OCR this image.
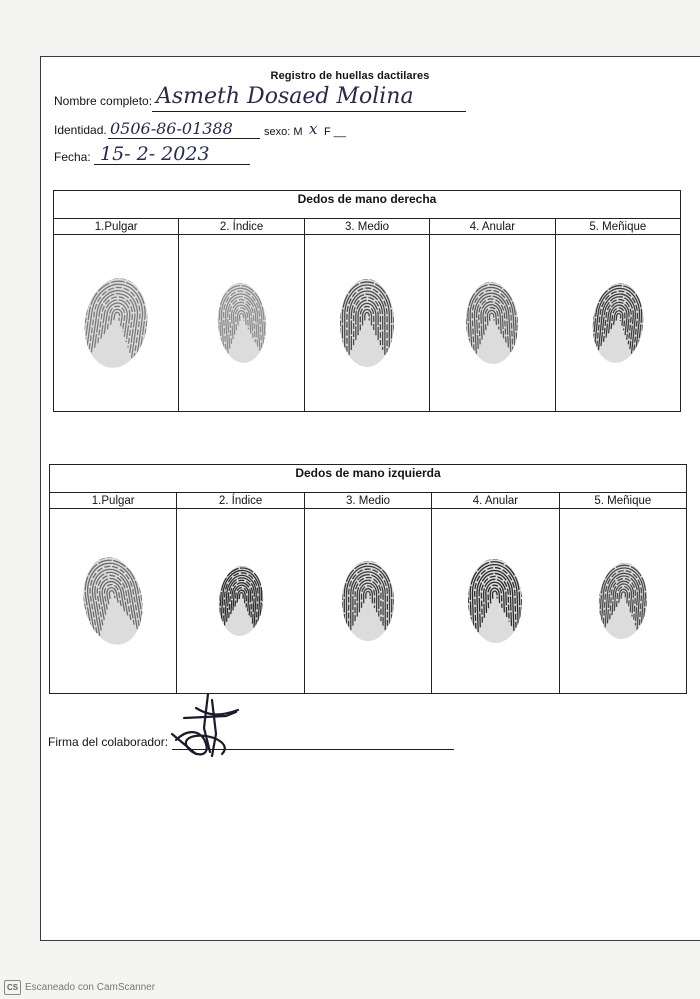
Registro de huellas dactilares
Nombre completo: Asmeth Dosaed Molina
Identidad. 0506-86-01388	sexo: M x F __
Fecha: 15- 2- 2023
Dedos de mano derecha
1.Pulgar	2. Índice	3. Medio	4. Anular	5. Meñique
Dedos de mano izquierda
1.Pulgar	2. Índice	3. Medio	4. Anular	5. Meñique
Firma del colaborador:
CS Escaneado con CamScanner
